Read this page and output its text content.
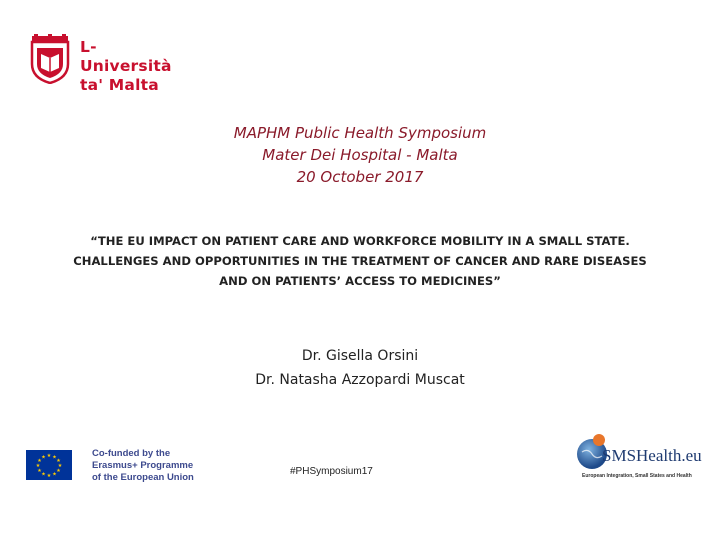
L-Università
ta' Malta
MAPHM Public Health Symposium
Mater Dei Hospital - Malta
20 October 2017
“THE EU IMPACT ON PATIENT CARE AND WORKFORCE MOBILITY IN A SMALL STATE.
CHALLENGES AND OPPORTUNITIES IN THE TREATMENT OF CANCER AND RARE DISEASES
AND ON PATIENTS’ ACCESS TO MEDICINES”
Dr. Gisella Orsini
Dr. Natasha Azzopardi Muscat
★ ★
★
★
★
★
★
★
★
★
★
★	Co-funded by the
Erasmus+ Programme
of the European Union
#PHSymposium17
SMSHealth.eu
European Integration, Small States and Health
